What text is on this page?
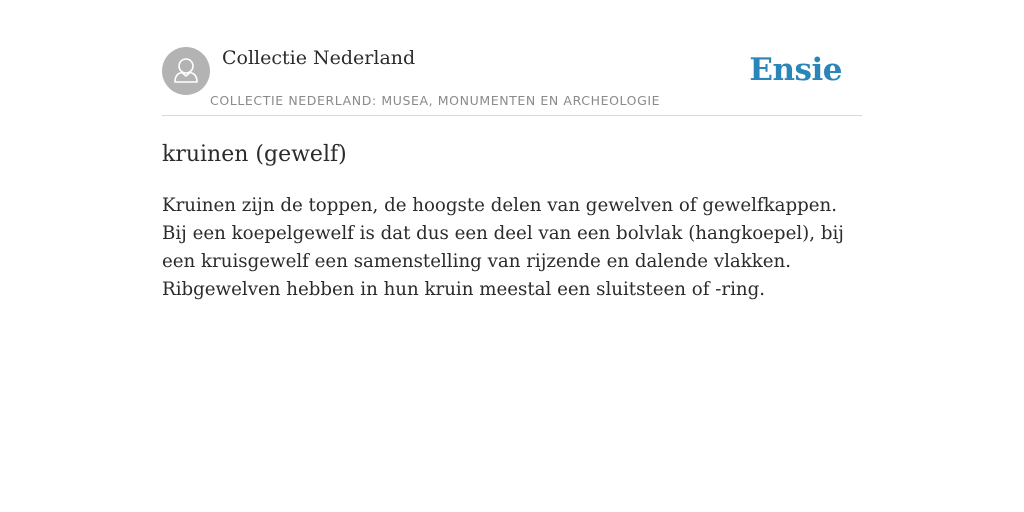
Collectie Nederland
COLLECTIE NEDERLAND: MUSEA, MONUMENTEN EN ARCHEOLOGIE
Ensie
kruinen (gewelf)

Kruinen zijn de toppen, de hoogste delen van gewelven of gewelfkappen. Bij een koepelgewelf is dat dus een deel van een bolvlak (hangkoepel), bij een kruisgewelf een samenstelling van rijzende en dalende vlakken. Ribgewelven hebben in hun kruin meestal een sluitsteen of -ring.
